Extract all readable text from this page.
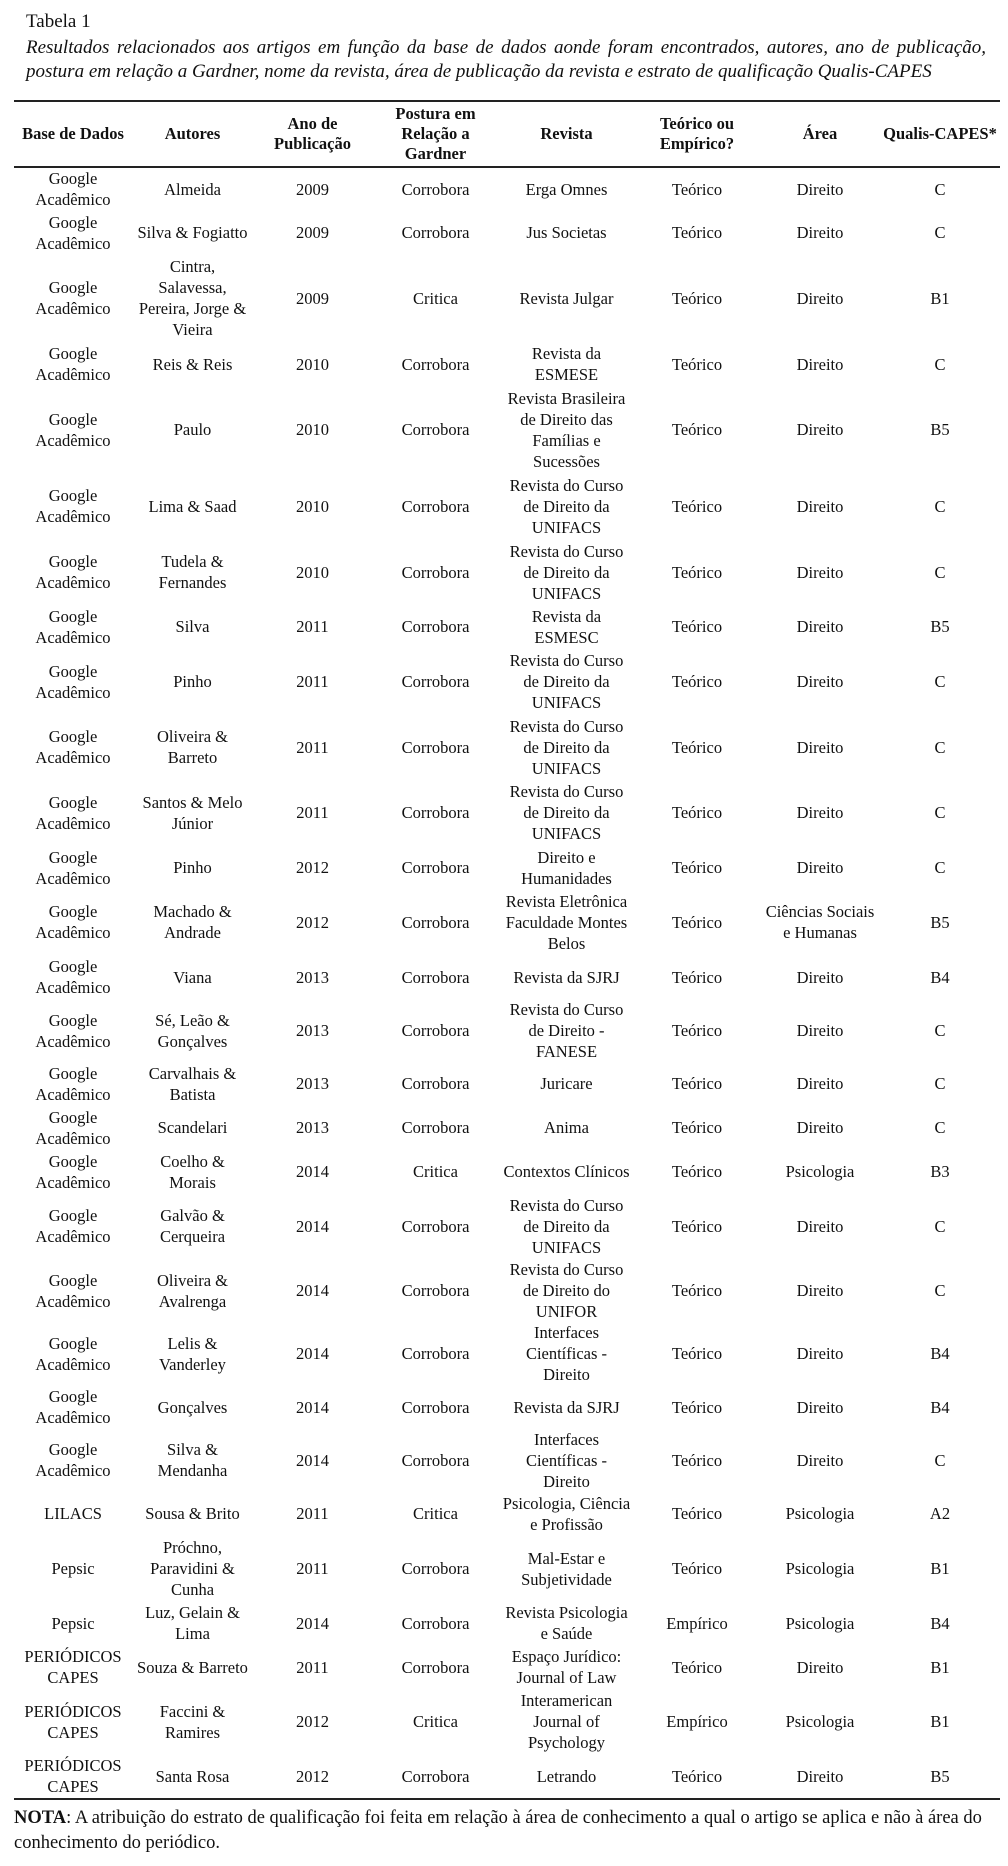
Tabela 1
Resultados relacionados aos artigos em função da base de dados aonde foram encontrados, autores, ano de publicação, postura em relação a Gardner, nome da revista, área de publicação da revista e estrato de qualificação Qualis-CAPES
Base de Dados	Autores	Ano de Publicação	Postura em Relação a Gardner	Revista	Teórico ou Empírico?	Área	Qualis-CAPES*
Google Acadêmico	Almeida	2009	Corrobora	Erga Omnes	Teórico	Direito	C
Google Acadêmico	Silva & Fogiatto	2009	Corrobora	Jus Societas	Teórico	Direito	C
Google Acadêmico	Cintra, Salavessa, Pereira, Jorge & Vieira	2009	Critica	Revista Julgar	Teórico	Direito	B1
Google Acadêmico	Reis & Reis	2010	Corrobora	Revista da ESMESE	Teórico	Direito	C
Google Acadêmico	Paulo	2010	Corrobora	Revista Brasileira de Direito das Famílias e Sucessões	Teórico	Direito	B5
Google Acadêmico	Lima & Saad	2010	Corrobora	Revista do Curso de Direito da UNIFACS	Teórico	Direito	C
Google Acadêmico	Tudela & Fernandes	2010	Corrobora	Revista do Curso de Direito da UNIFACS	Teórico	Direito	C
Google Acadêmico	Silva	2011	Corrobora	Revista da ESMESC	Teórico	Direito	B5
Google Acadêmico	Pinho	2011	Corrobora	Revista do Curso de Direito da UNIFACS	Teórico	Direito	C
Google Acadêmico	Oliveira & Barreto	2011	Corrobora	Revista do Curso de Direito da UNIFACS	Teórico	Direito	C
Google Acadêmico	Santos & Melo Júnior	2011	Corrobora	Revista do Curso de Direito da UNIFACS	Teórico	Direito	C
Google Acadêmico	Pinho	2012	Corrobora	Direito e Humanidades	Teórico	Direito	C
Google Acadêmico	Machado & Andrade	2012	Corrobora	Revista Eletrônica Faculdade Montes Belos	Teórico	Ciências Sociais e Humanas	B5
Google Acadêmico	Viana	2013	Corrobora	Revista da SJRJ	Teórico	Direito	B4
Google Acadêmico	Sé, Leão & Gonçalves	2013	Corrobora	Revista do Curso de Direito - FANESE	Teórico	Direito	C
Google Acadêmico	Carvalhais & Batista	2013	Corrobora	Juricare	Teórico	Direito	C
Google Acadêmico	Scandelari	2013	Corrobora	Anima	Teórico	Direito	C
Google Acadêmico	Coelho & Morais	2014	Critica	Contextos Clínicos	Teórico	Psicologia	B3
Google Acadêmico	Galvão & Cerqueira	2014	Corrobora	Revista do Curso de Direito da UNIFACS	Teórico	Direito	C
Google Acadêmico	Oliveira & Avalrenga	2014	Corrobora	Revista do Curso de Direito do UNIFOR	Teórico	Direito	C
Google Acadêmico	Lelis & Vanderley	2014	Corrobora	Interfaces Científicas - Direito	Teórico	Direito	B4
Google Acadêmico	Gonçalves	2014	Corrobora	Revista da SJRJ	Teórico	Direito	B4
Google Acadêmico	Silva & Mendanha	2014	Corrobora	Interfaces Científicas - Direito	Teórico	Direito	C
LILACS	Sousa & Brito	2011	Critica	Psicologia, Ciência e Profissão	Teórico	Psicologia	A2
Pepsic	Próchno, Paravidini & Cunha	2011	Corrobora	Mal-Estar e Subjetividade	Teórico	Psicologia	B1
Pepsic	Luz, Gelain & Lima	2014	Corrobora	Revista Psicologia e Saúde	Empírico	Psicologia	B4
PERIÓDICOS CAPES	Souza & Barreto	2011	Corrobora	Espaço Jurídico: Journal of Law	Teórico	Direito	B1
PERIÓDICOS CAPES	Faccini & Ramires	2012	Critica	Interamerican Journal of Psychology	Empírico	Psicologia	B1
PERIÓDICOS CAPES	Santa Rosa	2012	Corrobora	Letrando	Teórico	Direito	B5
NOTA: A atribuição do estrato de qualificação foi feita em relação à área de conhecimento a qual o artigo se aplica e não à área do conhecimento do periódico.
